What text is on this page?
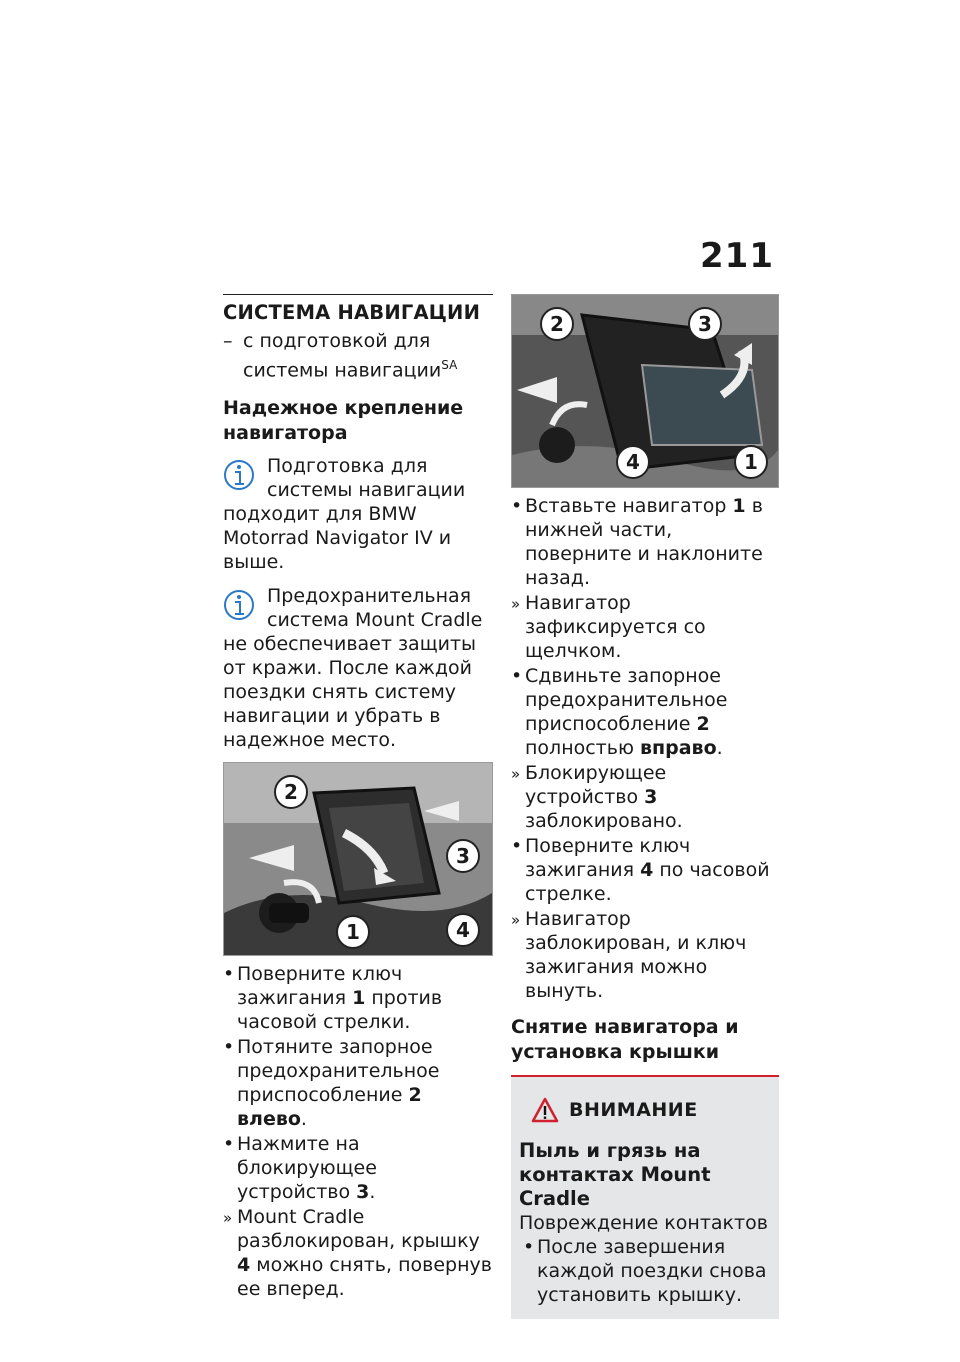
211
СИСТЕМА НАВИГАЦИИ
– с подготовкой для системы навигации$^{SA}$
Надежное крепление навигатора
Подготовка для системы навигации подходит для BMW Motorrad Navigator IV и выше.
Предохранительная система Mount Cradle не обеспечивает защиты от кражи. После каждой поездки снять систему навигации и убрать в надежное место.
2
3
1	4
• Поверните ключ зажигания 1 против часовой стрелки.
• Потяните запорное предохранительное приспособление 2 влево.
• Нажмите на блокирующее устройство 3.
» Mount Cradle разблокирован, крышку 4 можно снять, повернув ее вперед.
2	3
4	1
• Вставьте навигатор 1 в нижней части, поверните и наклоните назад.
» Навигатор зафиксируется со щелчком.
• Сдвиньте запорное предохранительное приспособление 2 полностью вправо.
» Блокирующее устройство 3 заблокировано.
• Поверните ключ зажигания 4 по часовой стрелке.
» Навигатор заблокирован, и ключ зажигания можно вынуть.
Снятие навигатора и установка крышки
ВНИМАНИЕ
Пыль и грязь на контактах Mount Cradle
Повреждение контактов
• После завершения каждой поездки снова установить крышку.
